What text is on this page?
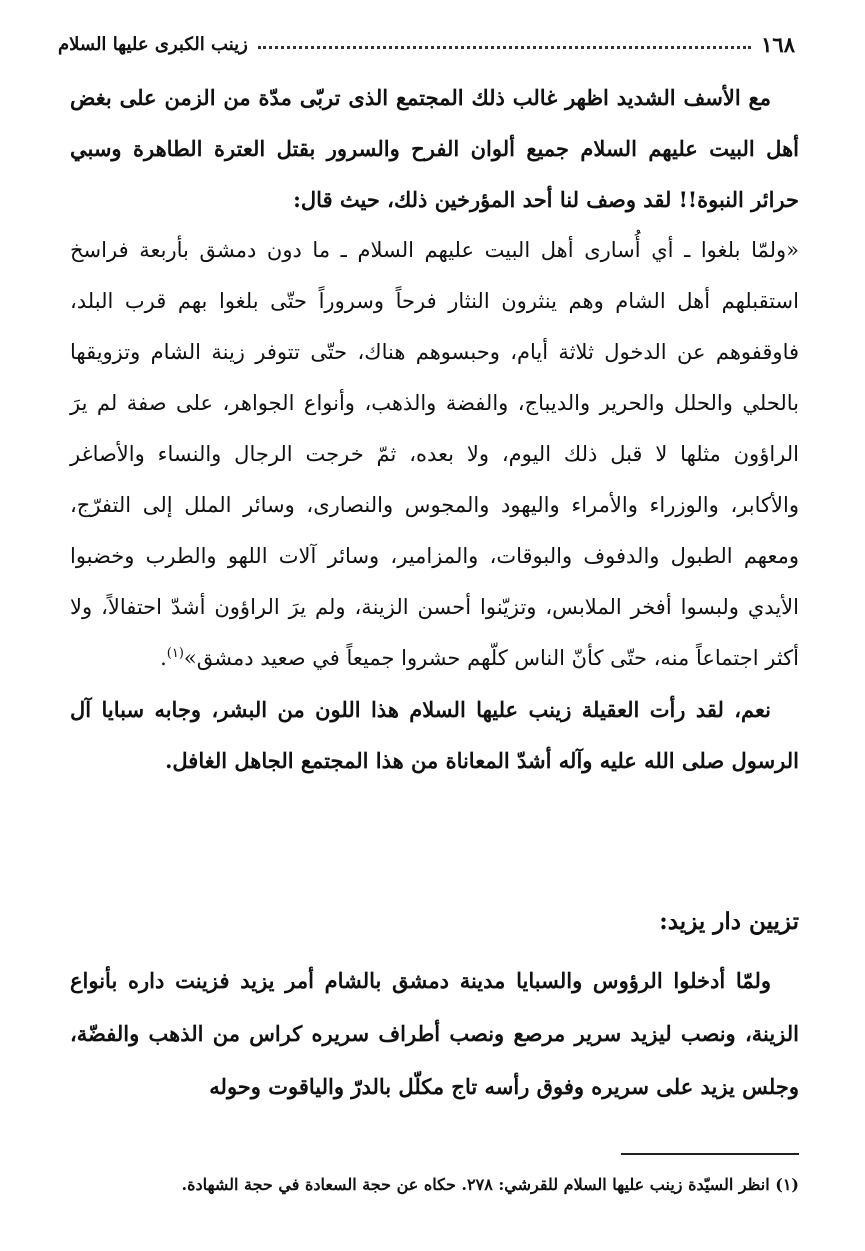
١٦٨
زينب الكبرى عليها السلام

مع الأسف الشديد اظهر غالب ذلك المجتمع الذى تربّى مدّة من الزمن على بغض أهل البيت عليهم السلام جميع ألوان الفرح والسرور بقتل العترة الطاهرة وسبي حرائر النبوة!! لقد وصف لنا أحد المؤرخين ذلك، حيث قال:

«ولمّا بلغوا ـ أي أُسارى أهل البيت عليهم السلام ـ ما دون دمشق بأربعة فراسخ استقبلهم أهل الشام وهم ينثرون النثار فرحاً وسروراً حتّى بلغوا بهم قرب البلد، فاوقفوهم عن الدخول ثلاثة أيام، وحبسوهم هناك، حتّى تتوفر زينة الشام وتزويقها بالحلي والحلل والحرير والديباج، والفضة والذهب، وأنواع الجواهر، على صفة لم يرَ الراؤون مثلها لا قبل ذلك اليوم، ولا بعده، ثمّ خرجت الرجال والنساء والأصاغر والأكابر، والوزراء والأمراء واليهود والمجوس والنصارى، وسائر الملل إلى التفرّج، ومعهم الطبول والدفوف والبوقات، والمزامير، وسائر آلات اللهو والطرب وخضبوا الأيدي ولبسوا أفخر الملابس، وتزيّنوا أحسن الزينة، ولم يرَ الراؤون أشدّ احتفالاً، ولا أكثر اجتماعاً منه، حتّى كأنّ الناس كلّهم حشروا جميعاً في صعيد دمشق»$^{(١)}$.

نعم، لقد رأت العقيلة زينب عليها السلام هذا اللون من البشر، وجابه سبايا آل الرسول صلى الله عليه وآله أشدّ المعاناة من هذا المجتمع الجاهل الغافل.

تزيين دار يزيد:
ولمّا أدخلوا الرؤوس والسبايا مدينة دمشق بالشام أمر يزيد فزينت داره بأنواع الزينة، ونصب ليزيد سرير مرصع ونصب أطراف سريره كراس من الذهب والفضّة، وجلس يزيد على سريره وفوق رأسه تاج مكلّل بالدرّ والياقوت وحوله
(١) انظر السيّدة زينب عليها السلام للقرشي: ٢٧٨. حكاه عن حجة السعادة في حجة الشهادة.
